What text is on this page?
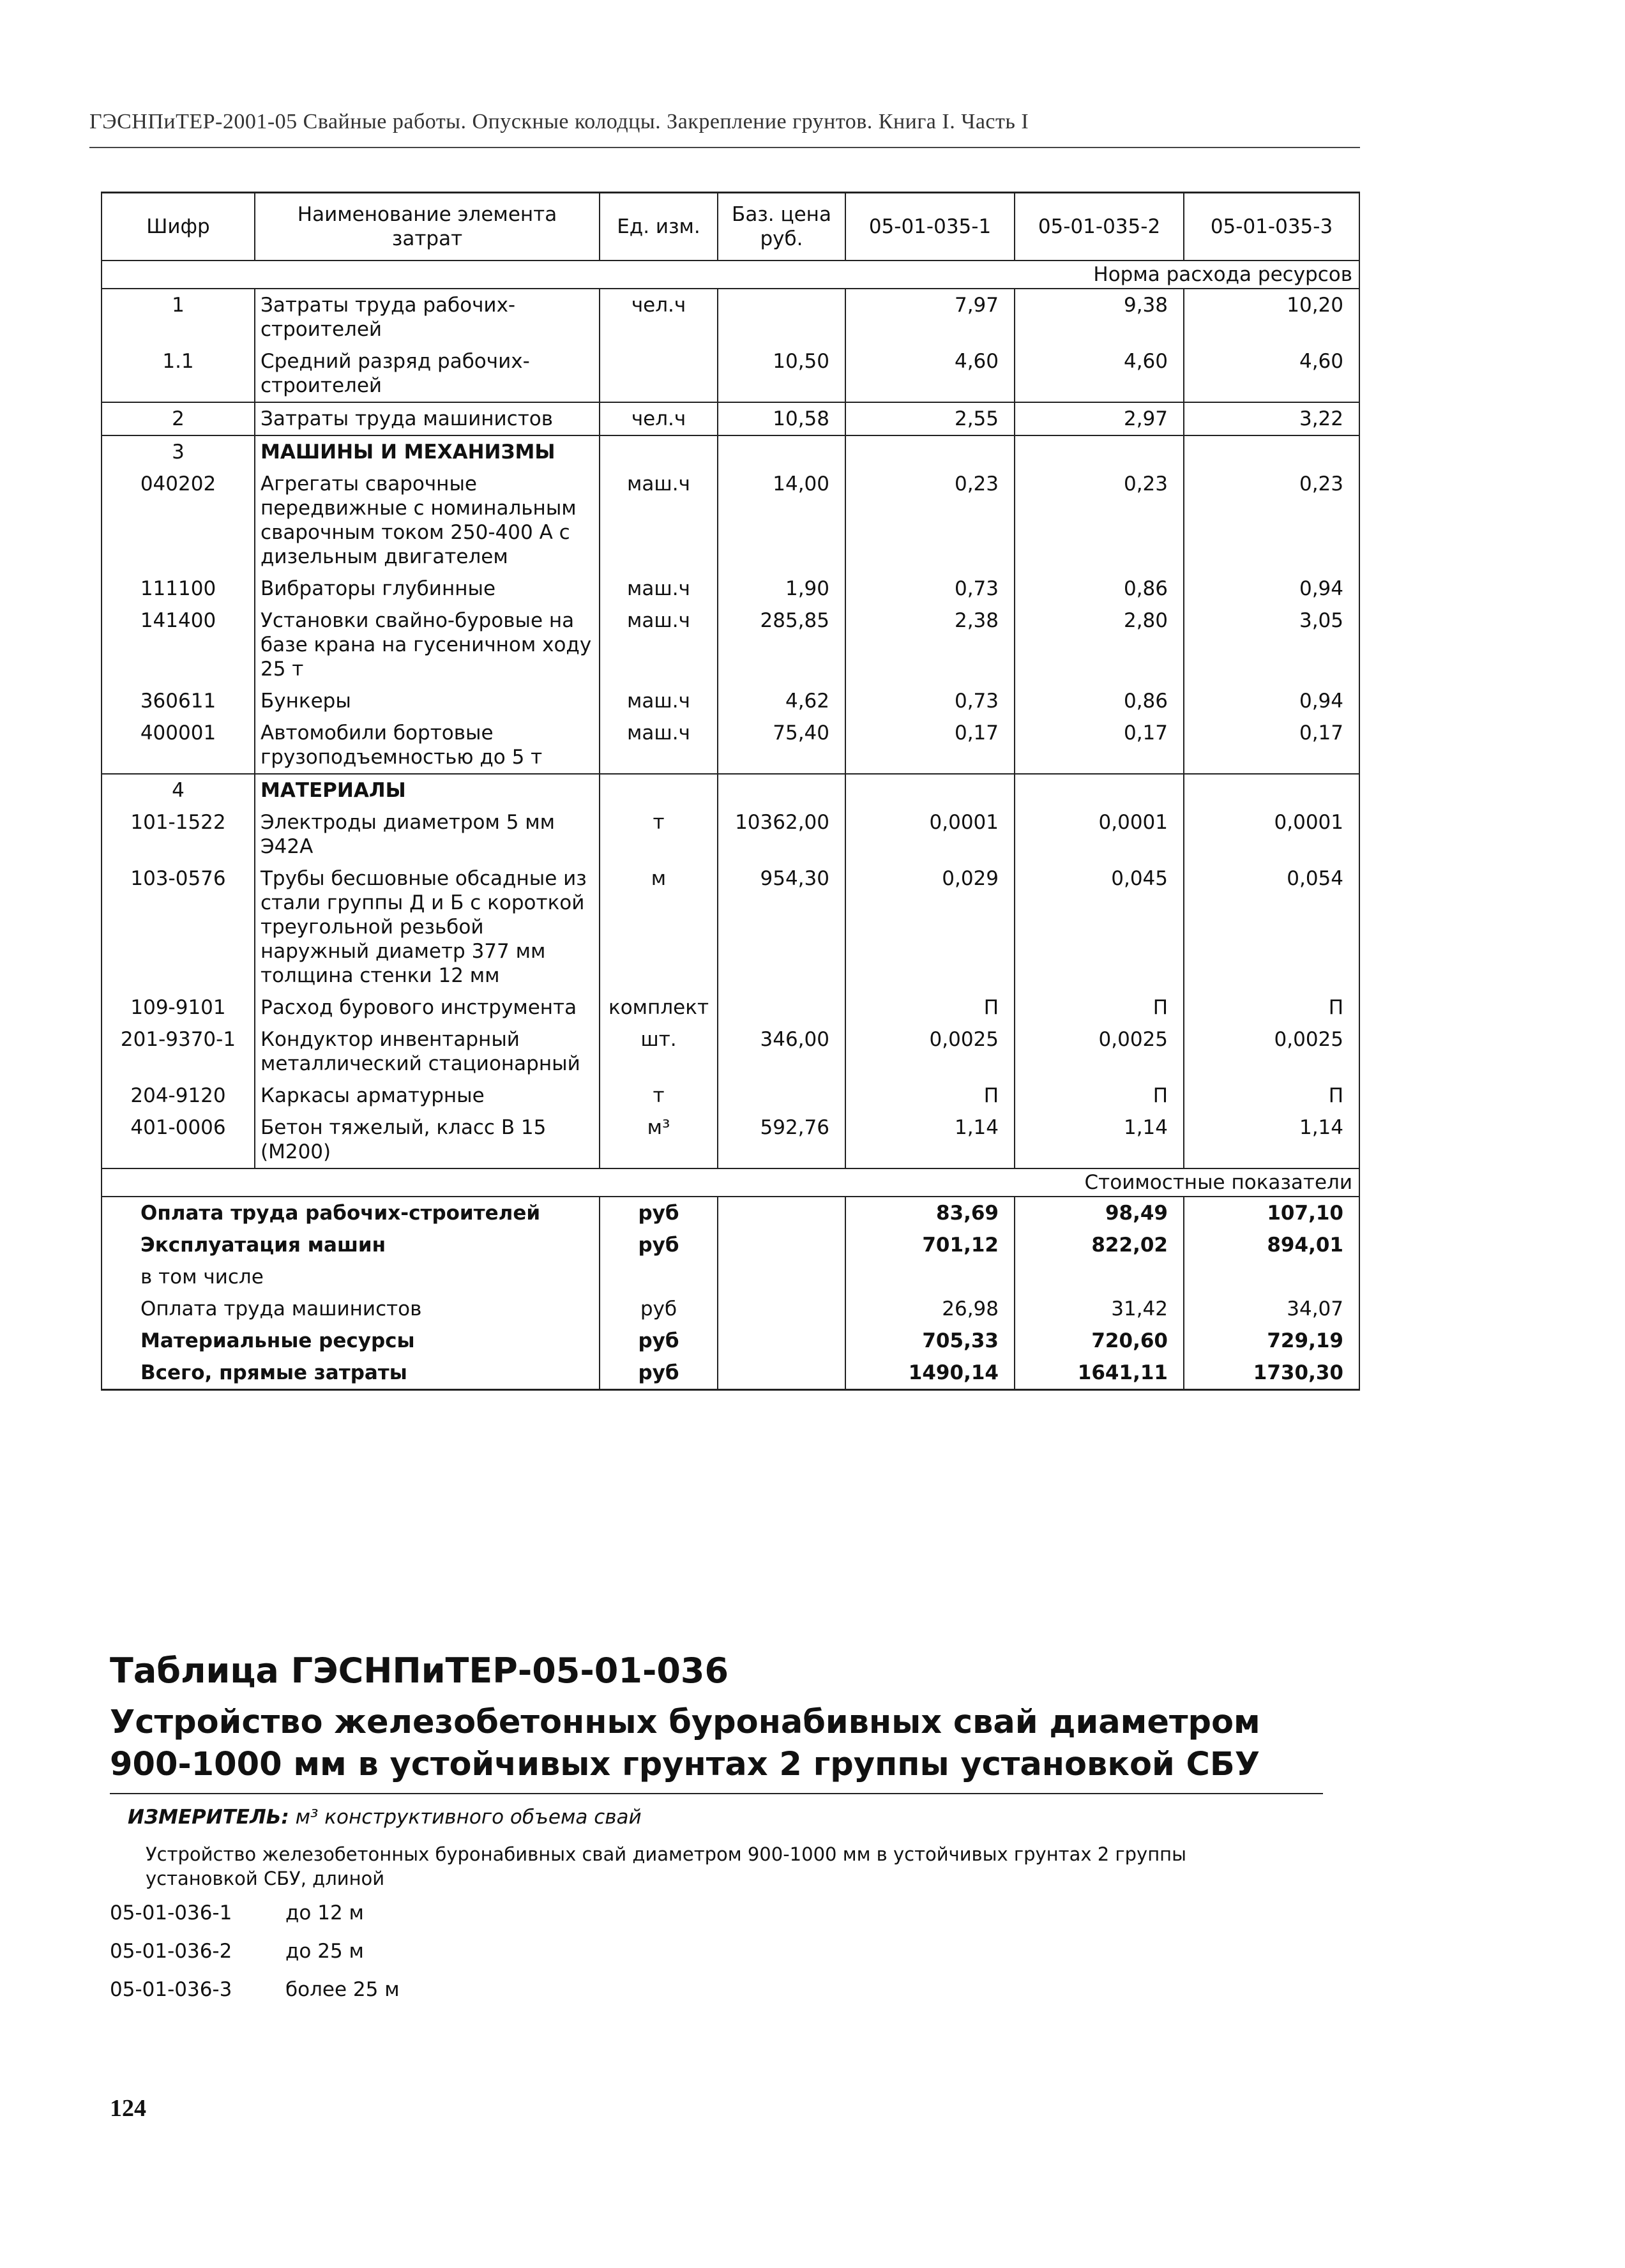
ГЭСНПиТЕР-2001-05 Свайные работы. Опускные колодцы. Закрепление грунтов. Книга I. Часть I
Шифр	Наименование элемента затрат	Ед. изм.	Баз. цена руб.	05-01-035-1	05-01-035-2	05-01-035-3
Норма расхода ресурсов						
1	Затраты труда рабочих-строителей	чел.ч		7,97	9,38	10,20
1.1	Средний разряд рабочих-строителей		10,50	4,60	4,60	4,60
2	Затраты труда машинистов	чел.ч	10,58	2,55	2,97	3,22
3	МАШИНЫ И МЕХАНИЗМЫ					
040202	Агрегаты сварочные передвижные с номинальным сварочным током 250-400 А с дизельным двигателем	маш.ч	14,00	0,23	0,23	0,23
111100	Вибраторы глубинные	маш.ч	1,90	0,73	0,86	0,94
141400	Установки свайно-буровые на базе крана на гусеничном ходу 25 т	маш.ч	285,85	2,38	2,80	3,05
360611	Бункеры	маш.ч	4,62	0,73	0,86	0,94
400001	Автомобили бортовые грузоподъемностью до 5 т	маш.ч	75,40	0,17	0,17	0,17
4	МАТЕРИАЛЫ					
101-1522	Электроды диаметром 5 мм Э42А	т	10362,00	0,0001	0,0001	0,0001
103-0576	Трубы бесшовные обсадные из стали группы Д и Б с короткой треугольной резьбой наружный диаметр 377 мм толщина стенки 12 мм	м	954,30	0,029	0,045	0,054
109-9101	Расход бурового инструмента	комплект		П	П	П
201-9370-1	Кондуктор инвентарный металлический стационарный	шт.	346,00	0,0025	0,0025	0,0025
204-9120	Каркасы арматурные	т		П	П	П
401-0006	Бетон тяжелый, класс В 15 (М200)	м³	592,76	1,14	1,14	1,14
Стоимостные показатели						
Оплата труда рабочих-строителей		руб		83,69	98,49	107,10
Эксплуатация машин		руб		701,12	822,02	894,01
в том числе						
Оплата труда машинистов		руб		26,98	31,42	34,07
Материальные ресурсы		руб		705,33	720,60	729,19
Всего, прямые затраты		руб		1490,14	1641,11	1730,30
Таблица ГЭСНПиТЕР-05-01-036
Устройство железобетонных буронабивных свай диаметром 900-1000 мм в устойчивых грунтах 2 группы установкой СБУ
ИЗМЕРИТЕЛЬ: м³ конструктивного объема свай
Устройство железобетонных буронабивных свай диаметром 900-1000 мм в устойчивых грунтах 2 группы установкой СБУ, длиной
05-01-036-1	до 12 м
05-01-036-2	до 25 м
05-01-036-3	более 25 м
124
